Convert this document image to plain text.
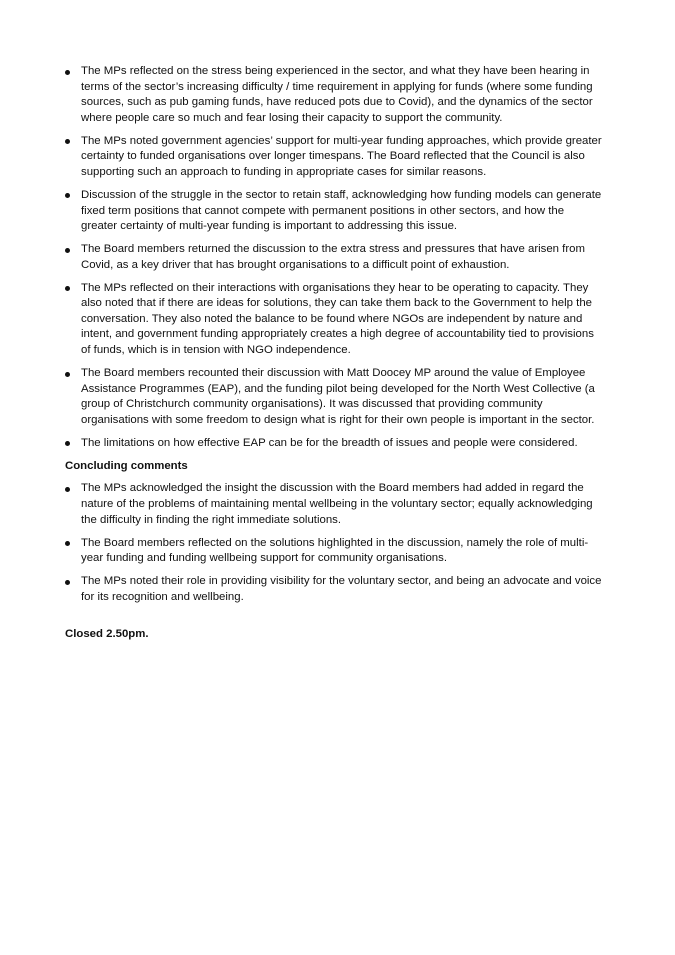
The MPs reflected on the stress being experienced in the sector, and what they have been hearing in terms of the sector’s increasing difficulty / time requirement in applying for funds (where some funding sources, such as pub gaming funds, have reduced pots due to Covid), and the dynamics of the sector where people care so much and fear losing their capacity to support the community.
The MPs noted government agencies’ support for multi-year funding approaches, which provide greater certainty to funded organisations over longer timespans. The Board reflected that the Council is also supporting such an approach to funding in appropriate cases for similar reasons.
Discussion of the struggle in the sector to retain staff, acknowledging how funding models can generate fixed term positions that cannot compete with permanent positions in other sectors, and how the greater certainty of multi-year funding is important to addressing this issue.
The Board members returned the discussion to the extra stress and pressures that have arisen from Covid, as a key driver that has brought organisations to a difficult point of exhaustion.
The MPs reflected on their interactions with organisations they hear to be operating to capacity. They also noted that if there are ideas for solutions, they can take them back to the Government to help the conversation. They also noted the balance to be found where NGOs are independent by nature and intent, and government funding appropriately creates a high degree of accountability tied to provisions of funds, which is in tension with NGO independence.
The Board members recounted their discussion with Matt Doocey MP around the value of Employee Assistance Programmes (EAP), and the funding pilot being developed for the North West Collective (a group of Christchurch community organisations). It was discussed that providing community organisations with some freedom to design what is right for their own people is important in the sector.
The limitations on how effective EAP can be for the breadth of issues and people were considered.
Concluding comments
The MPs acknowledged the insight the discussion with the Board members had added in regard the nature of the problems of maintaining mental wellbeing in the voluntary sector; equally acknowledging the difficulty in finding the right immediate solutions.
The Board members reflected on the solutions highlighted in the discussion, namely the role of multi-year funding and funding wellbeing support for community organisations.
The MPs noted their role in providing visibility for the voluntary sector, and being an advocate and voice for its recognition and wellbeing.
Closed 2.50pm.
